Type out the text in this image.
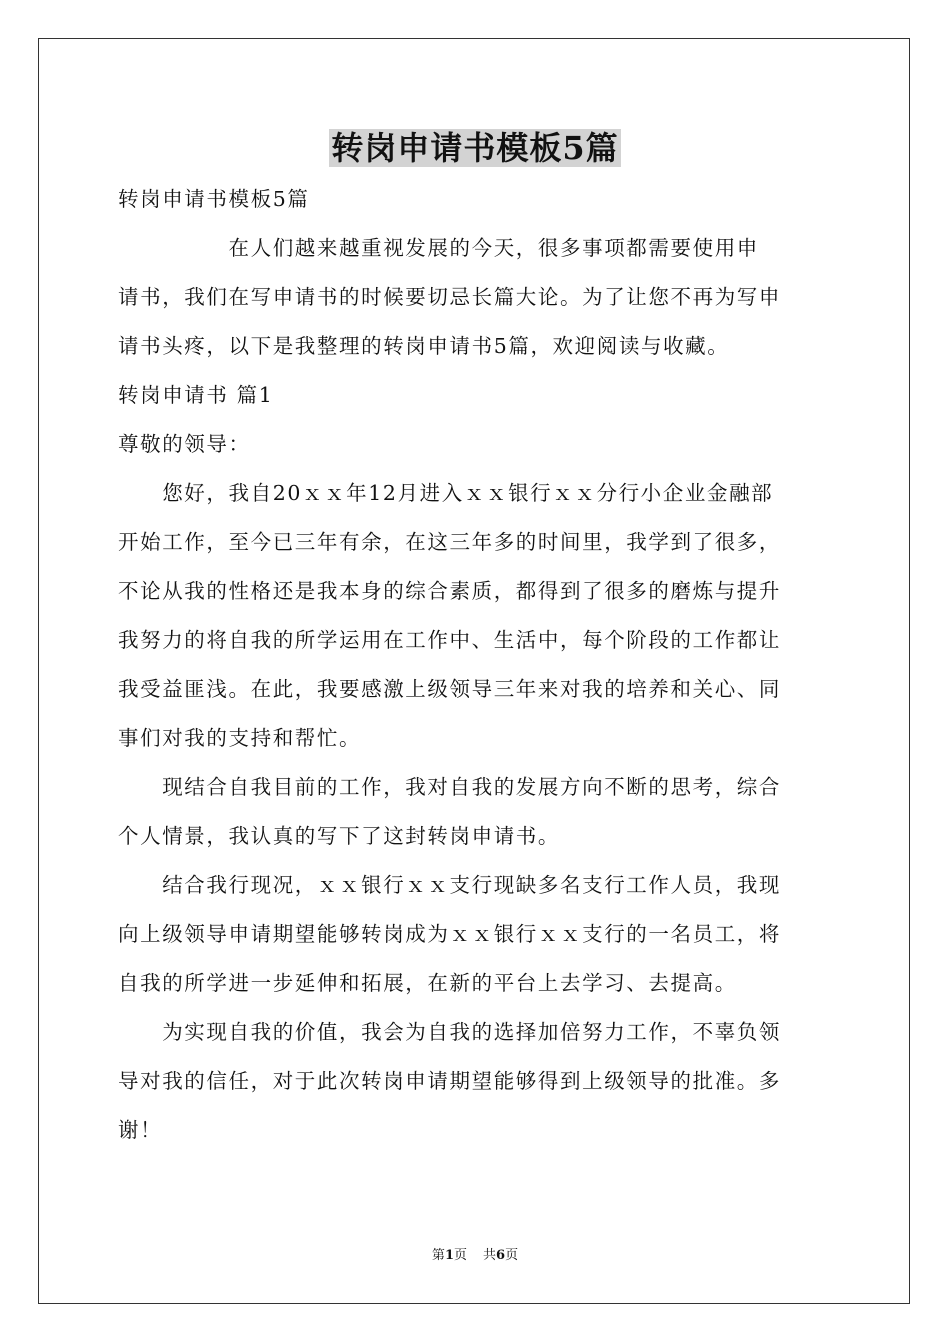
转岗申请书模板5篇

转岗申请书模板5篇

　　　　　在人们越来越重视发展的今天，很多事项都需要使用申

请书，我们在写申请书的时候要切忌长篇大论。为了让您不再为写申

请书头疼，以下是我整理的转岗申请书5篇，欢迎阅读与收藏。

转岗申请书 篇1

尊敬的领导：

　　您好，我自20ｘｘ年12月进入ｘｘ银行ｘｘ分行小企业金融部

开始工作，至今已三年有余，在这三年多的时间里，我学到了很多，

不论从我的性格还是我本身的综合素质，都得到了很多的磨炼与提升

我努力的将自我的所学运用在工作中、生活中，每个阶段的工作都让

我受益匪浅。在此，我要感激上级领导三年来对我的培养和关心、同

事们对我的支持和帮忙。

　　现结合自我目前的工作，我对自我的发展方向不断的思考，综合

个人情景，我认真的写下了这封转岗申请书。

　　结合我行现况，ｘｘ银行ｘｘ支行现缺多名支行工作人员，我现

向上级领导申请期望能够转岗成为ｘｘ银行ｘｘ支行的一名员工，将

自我的所学进一步延伸和拓展，在新的平台上去学习、去提高。

　　为实现自我的价值，我会为自我的选择加倍努力工作，不辜负领

导对我的信任，对于此次转岗申请期望能够得到上级领导的批准。多

谢！

第1页 共6页
